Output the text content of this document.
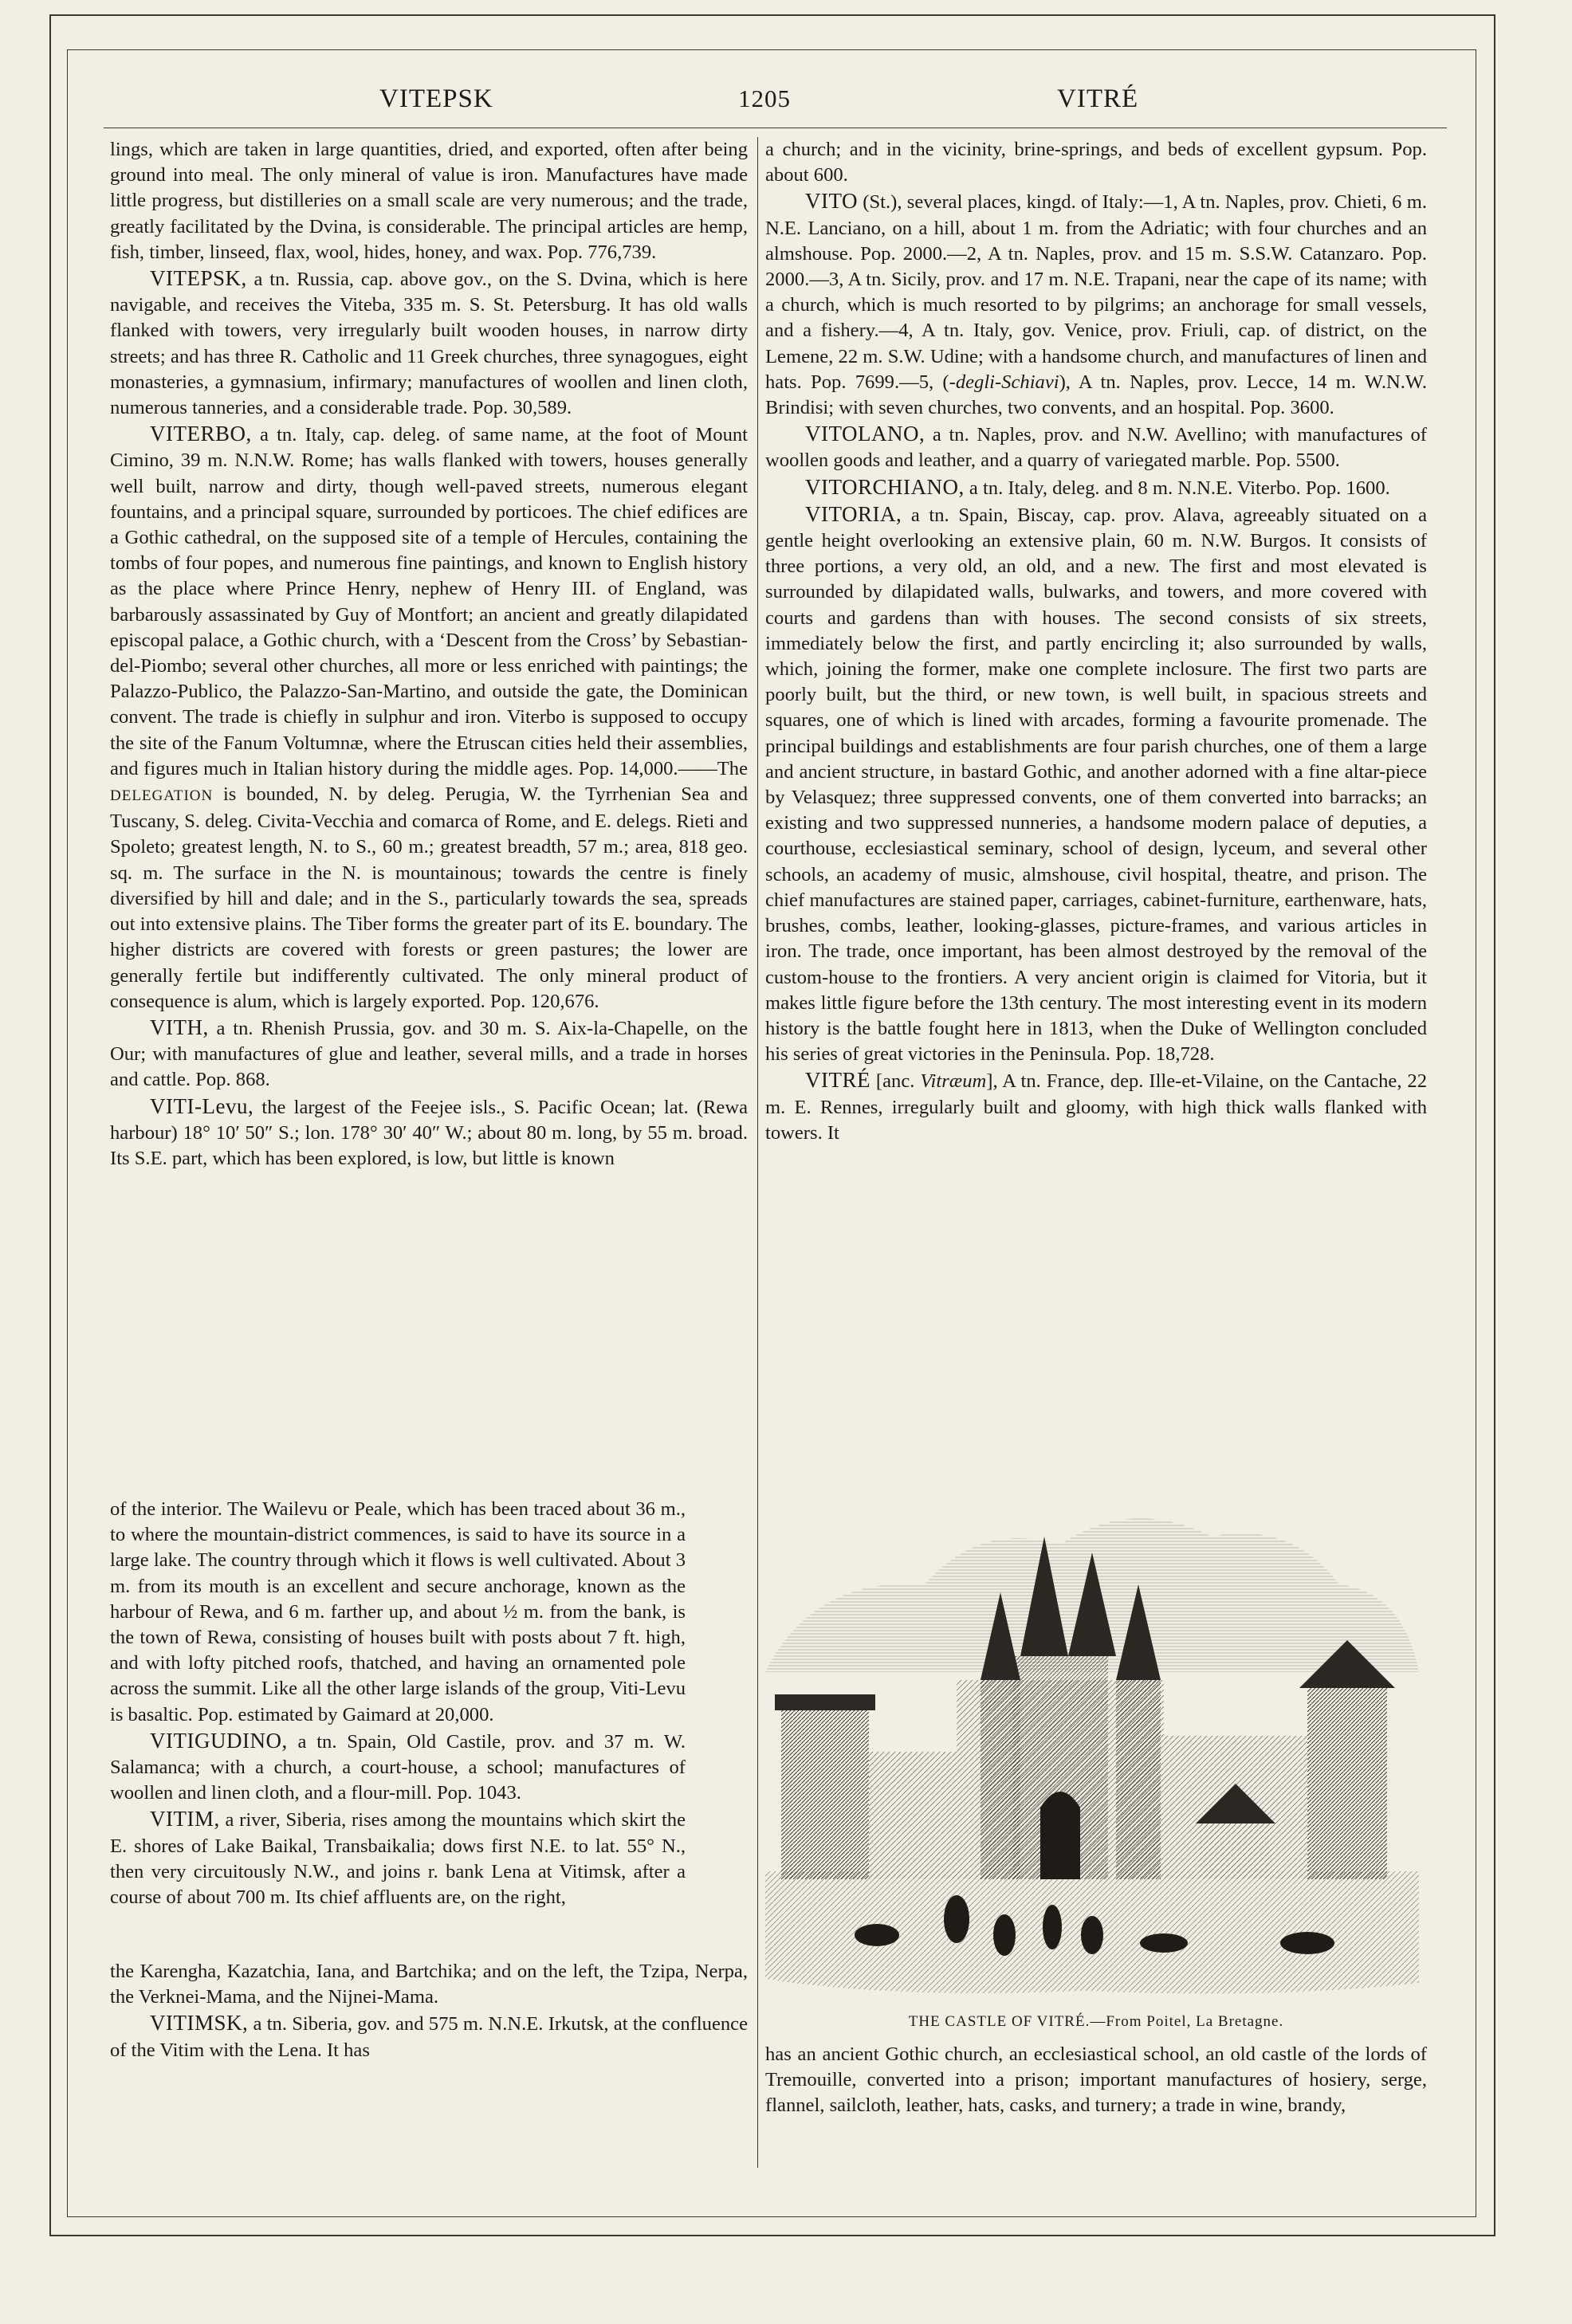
VITEPSK	1205	VITRÉ

lings, which are taken in large quantities, dried, and exported, often after being ground into meal. The only mineral of value is iron. Manufactures have made little progress, but distilleries on a small scale are very numerous; and the trade, greatly facilitated by the Dvina, is considerable. The principal articles are hemp, fish, timber, linseed, flax, wool, hides, honey, and wax. Pop. 776,739.

VITEPSK, a tn. Russia, cap. above gov., on the S. Dvina, which is here navigable, and receives the Viteba, 335 m. S. St. Petersburg. It has old walls flanked with towers, very irregularly built wooden houses, in narrow dirty streets; and has three R. Catholic and 11 Greek churches, three synagogues, eight monasteries, a gymnasium, infirmary; manufactures of woollen and linen cloth, numerous tanneries, and a considerable trade. Pop. 30,589.

VITERBO, a tn. Italy, cap. deleg. of same name, at the foot of Mount Cimino, 39 m. N.N.W. Rome; has walls flanked with towers, houses generally well built, narrow and dirty, though well-paved streets, numerous elegant fountains, and a principal square, surrounded by porticoes. The chief edifices are a Gothic cathedral, on the supposed site of a temple of Hercules, containing the tombs of four popes, and numerous fine paintings, and known to English history as the place where Prince Henry, nephew of Henry III. of England, was barbarously assassinated by Guy of Montfort; an ancient and greatly dilapidated episcopal palace, a Gothic church, with a ‘Descent from the Cross’ by Sebastian-del-Piombo; several other churches, all more or less enriched with paintings; the Palazzo-Publico, the Palazzo-San-Martino, and outside the gate, the Dominican convent. The trade is chiefly in sulphur and iron. Viterbo is supposed to occupy the site of the Fanum Voltumnæ, where the Etruscan cities held their assemblies, and figures much in Italian history during the middle ages. Pop. 14,000.——The DELEGATION is bounded, N. by deleg. Perugia, W. the Tyrrhenian Sea and Tuscany, S. deleg. Civita-Vecchia and comarca of Rome, and E. delegs. Rieti and Spoleto; greatest length, N. to S., 60 m.; greatest breadth, 57 m.; area, 818 geo. sq. m. The surface in the N. is mountainous; towards the centre is finely diversified by hill and dale; and in the S., particularly towards the sea, spreads out into extensive plains. The Tiber forms the greater part of its E. boundary. The higher districts are covered with forests or green pastures; the lower are generally fertile but indifferently cultivated. The only mineral product of consequence is alum, which is largely exported. Pop. 120,676.

VITH, a tn. Rhenish Prussia, gov. and 30 m. S. Aix-la-Chapelle, on the Our; with manufactures of glue and leather, several mills, and a trade in horses and cattle. Pop. 868.

VITI-Levu, the largest of the Feejee isls., S. Pacific Ocean; lat. (Rewa harbour) 18° 10′ 50″ S.; lon. 178° 30′ 40″ W.; about 80 m. long, by 55 m. broad. Its S.E. part, which has been explored, is low, but little is known

of the interior. The Wailevu or Peale, which has been traced about 36 m., to where the mountain-district commences, is said to have its source in a large lake. The country through which it flows is well cultivated. About 3 m. from its mouth is an excellent and secure anchorage, known as the harbour of Rewa, and 6 m. farther up, and about ½ m. from the bank, is the town of Rewa, consisting of houses built with posts about 7 ft. high, and with lofty pitched roofs, thatched, and having an ornamented pole across the summit. Like all the other large islands of the group, Viti-Levu is basaltic. Pop. estimated by Gaimard at 20,000.

VITIGUDINO, a tn. Spain, Old Castile, prov. and 37 m. W. Salamanca; with a church, a court-house, a school; manufactures of woollen and linen cloth, and a flour-mill. Pop. 1043.

VITIM, a river, Siberia, rises among the mountains which skirt the E. shores of Lake Baikal, Transbaikalia; dows first N.E. to lat. 55° N., then very circuitously N.W., and joins r. bank Lena at Vitimsk, after a course of about 700 m. Its chief affluents are, on the right,

the Karengha, Kazatchia, Iana, and Bartchika; and on the left, the Tzipa, Nerpa, the Verknei-Mama, and the Nijnei-Mama.

VITIMSK, a tn. Siberia, gov. and 575 m. N.N.E. Irkutsk, at the confluence of the Vitim with the Lena. It has

a church; and in the vicinity, brine-springs, and beds of excellent gypsum. Pop. about 600.

VITO (St.), several places, kingd. of Italy:—1, A tn. Naples, prov. Chieti, 6 m. N.E. Lanciano, on a hill, about 1 m. from the Adriatic; with four churches and an almshouse. Pop. 2000.—2, A tn. Naples, prov. and 15 m. S.S.W. Catanzaro. Pop. 2000.—3, A tn. Sicily, prov. and 17 m. N.E. Trapani, near the cape of its name; with a church, which is much resorted to by pilgrims; an anchorage for small vessels, and a fishery.—4, A tn. Italy, gov. Venice, prov. Friuli, cap. of district, on the Lemene, 22 m. S.W. Udine; with a handsome church, and manufactures of linen and hats. Pop. 7699.—5, (-degli-Schiavi), A tn. Naples, prov. Lecce, 14 m. W.N.W. Brindisi; with seven churches, two convents, and an hospital. Pop. 3600.

VITOLANO, a tn. Naples, prov. and N.W. Avellino; with manufactures of woollen goods and leather, and a quarry of variegated marble. Pop. 5500.

VITORCHIANO, a tn. Italy, deleg. and 8 m. N.N.E. Viterbo. Pop. 1600.

VITORIA, a tn. Spain, Biscay, cap. prov. Alava, agreeably situated on a gentle height overlooking an extensive plain, 60 m. N.W. Burgos. It consists of three portions, a very old, an old, and a new. The first and most elevated is surrounded by dilapidated walls, bulwarks, and towers, and more covered with courts and gardens than with houses. The second consists of six streets, immediately below the first, and partly encircling it; also surrounded by walls, which, joining the former, make one complete inclosure. The first two parts are poorly built, but the third, or new town, is well built, in spacious streets and squares, one of which is lined with arcades, forming a favourite promenade. The principal buildings and establishments are four parish churches, one of them a large and ancient structure, in bastard Gothic, and another adorned with a fine altar-piece by Velasquez; three suppressed convents, one of them converted into barracks; an existing and two suppressed nunneries, a handsome modern palace of deputies, a courthouse, ecclesiastical seminary, school of design, lyceum, and several other schools, an academy of music, almshouse, civil hospital, theatre, and prison. The chief manufactures are stained paper, carriages, cabinet-furniture, earthenware, hats, brushes, combs, leather, looking-glasses, picture-frames, and various articles in iron. The trade, once important, has been almost destroyed by the removal of the custom-house to the frontiers. A very ancient origin is claimed for Vitoria, but it makes little figure before the 13th century. The most interesting event in its modern history is the battle fought here in 1813, when the Duke of Wellington concluded his series of great victories in the Peninsula. Pop. 18,728.

VITRÉ [anc. Vitræum], A tn. France, dep. Ille-et-Vilaine, on the Cantache, 22 m. E. Rennes, irregularly built and gloomy, with high thick walls flanked with towers. It

THE CASTLE OF VITRÉ.—From Poitel, La Bretagne.

has an ancient Gothic church, an ecclesiastical school, an old castle of the lords of Tremouille, converted into a prison; important manufactures of hosiery, serge, flannel, sailcloth, leather, hats, casks, and turnery; a trade in wine, brandy,
